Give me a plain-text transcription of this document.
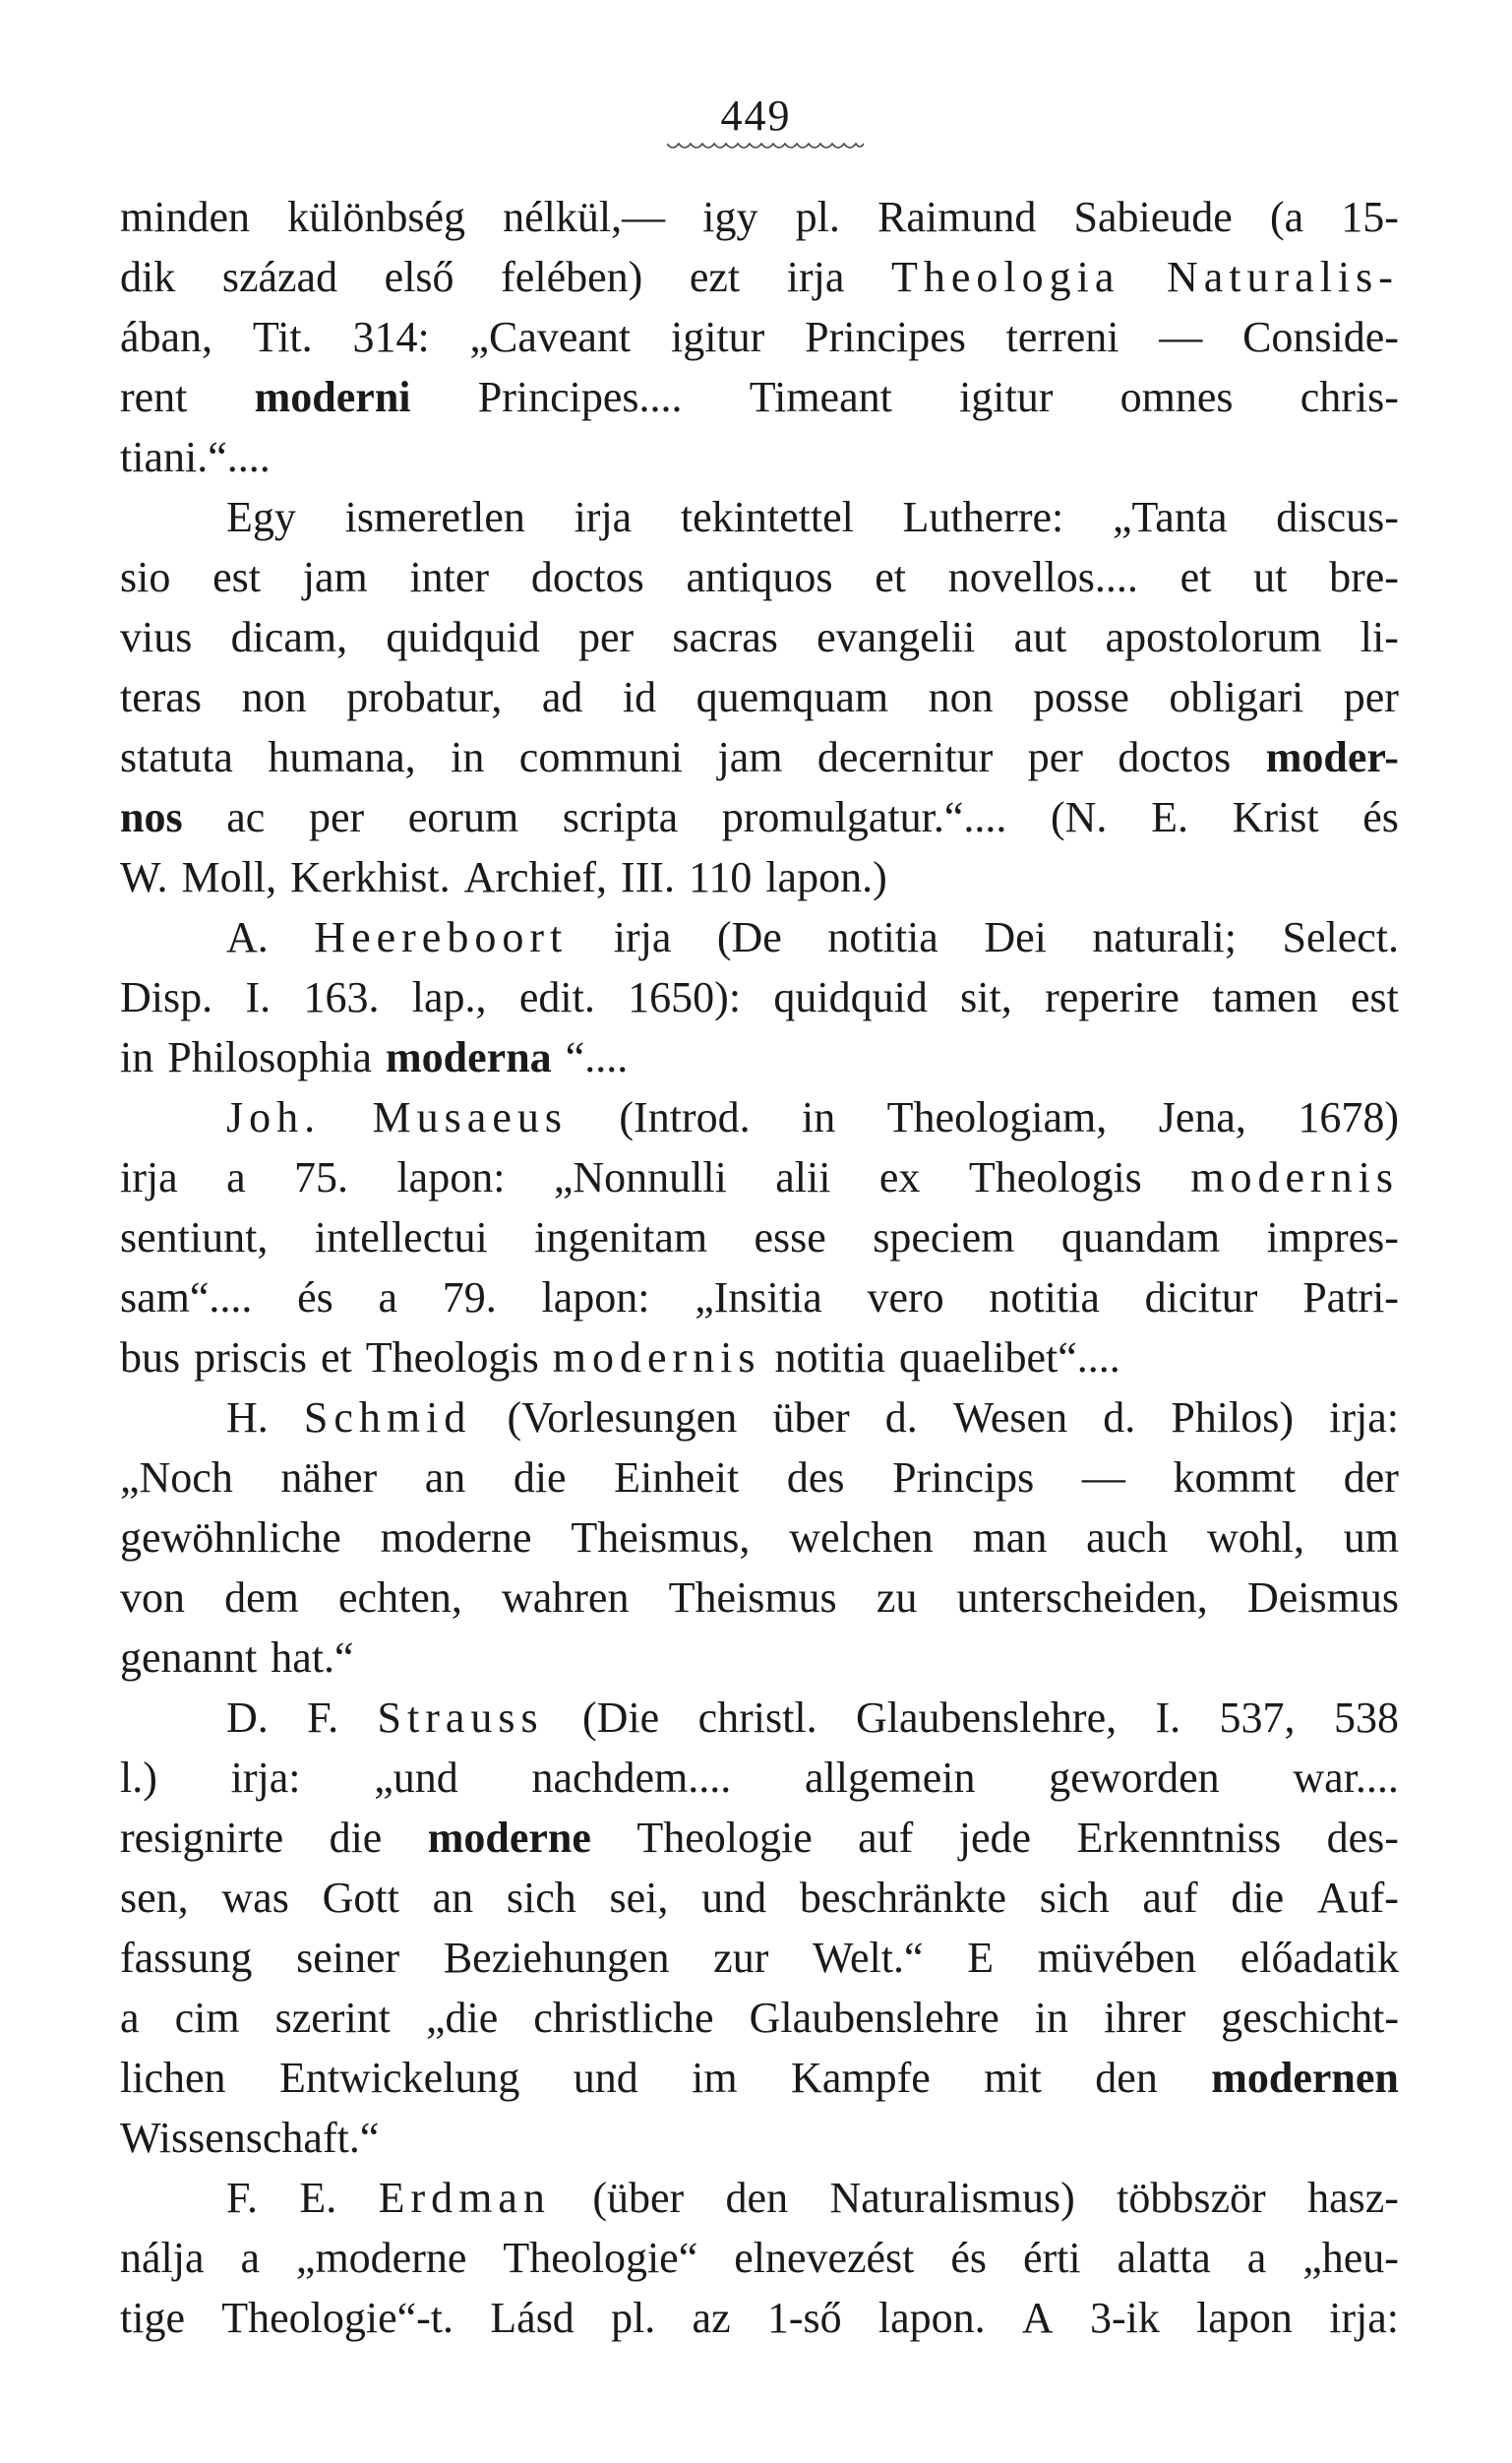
449
minden különbség nélkül,— igy pl. Raimund Sabieude (a 15-
dik század első felében) ezt irja Theologia Naturalis-
ában, Tit. 314: „Caveant igitur Principes terreni — Conside-
rent moderni Principes.... Timeant igitur omnes chris-
tiani.“....
Egy ismeretlen irja tekintettel Lutherre: „Tanta discus-
sio est jam inter doctos antiquos et novellos.... et ut bre-
vius dicam, quidquid per sacras evangelii aut apostolorum li-
teras non probatur, ad id quemquam non posse obligari per
statuta humana, in communi jam decernitur per doctos moder-
nos ac per eorum scripta promulgatur.“.... (N. E. Krist és
W. Moll, Kerkhist. Archief, III. 110 lapon.)
A. Heereboort irja (De notitia Dei naturali; Select.
Disp. I. 163. lap., edit. 1650): quidquid sit, reperire tamen est
in Philosophia moderna “....
Joh. Musaeus (Introd. in Theologiam, Jena, 1678)
irja a 75. lapon: „Nonnulli alii ex Theologis modernis
sentiunt, intellectui ingenitam esse speciem quandam impres-
sam“.... és a 79. lapon: „Insitia vero notitia dicitur Patri-
bus priscis et Theologis modernis notitia quaelibet“....
H. Schmid (Vorlesungen über d. Wesen d. Philos) irja:
„Noch näher an die Einheit des Princips — kommt der
gewöhnliche moderne Theismus, welchen man auch wohl, um
von dem echten, wahren Theismus zu unterscheiden, Deismus
genannt hat.“
D. F. Strauss (Die christl. Glaubenslehre, I. 537, 538
l.) irja: „und nachdem.... allgemein geworden war....
resignirte die moderne Theologie auf jede Erkenntniss des-
sen, was Gott an sich sei, und beschränkte sich auf die Auf-
fassung seiner Beziehungen zur Welt.“ E müvében előadatik
a cim szerint „die christliche Glaubenslehre in ihrer geschicht-
lichen Entwickelung und im Kampfe mit den modernen
Wissenschaft.“
F. E. Erdman (über den Naturalismus) többször hasz-
nálja a „moderne Theologie“ elnevezést és érti alatta a „heu-
tige Theologie“-t. Lásd pl. az 1-ső lapon. A 3-ik lapon irja:
